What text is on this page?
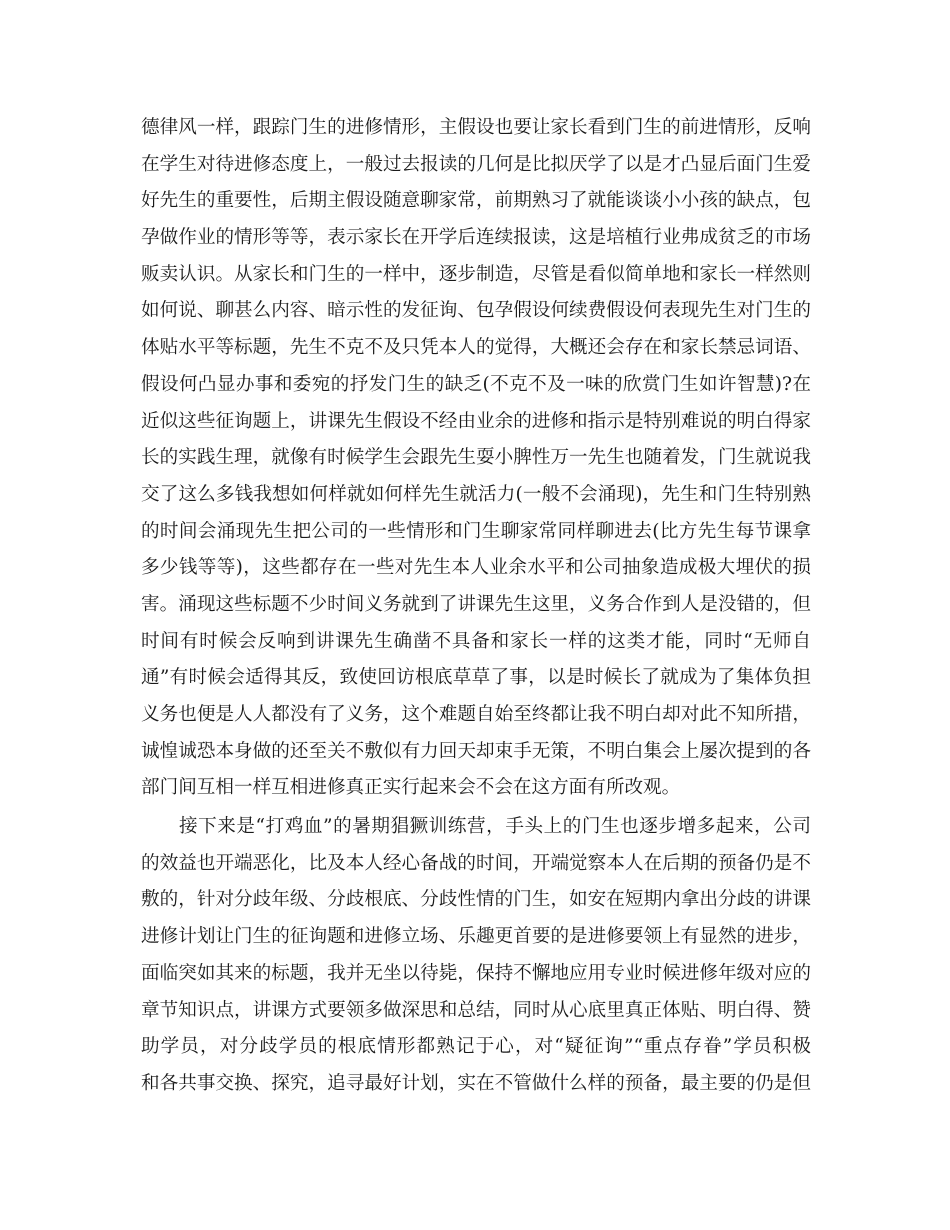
德律风一样，跟踪门生的进修情形，主假设也要让家长看到门生的前进情形，反响
在学生对待进修态度上，一般过去报读的几何是比拟厌学了以是才凸显后面门生爱
好先生的重要性，后期主假设随意聊家常，前期熟习了就能谈谈小小孩的缺点，包
孕做作业的情形等等，表示家长在开学后连续报读，这是培植行业弗成贫乏的市场
贩卖认识。从家长和门生的一样中，逐步制造，尽管是看似简单地和家长一样然则
如何说、聊甚么内容、暗示性的发征询、包孕假设何续费假设何表现先生对门生的
体贴水平等标题，先生不克不及只凭本人的觉得，大概还会存在和家长禁忌词语、
假设何凸显办事和委宛的抒发门生的缺乏(不克不及一味的欣赏门生如许智慧)?在
近似这些征询题上，讲课先生假设不经由业余的进修和指示是特别难说的明白得家
长的实践生理，就像有时候学生会跟先生耍小脾性万一先生也随着发，门生就说我
交了这么多钱我想如何样就如何样先生就活力(一般不会涌现)，先生和门生特别熟
的时间会涌现先生把公司的一些情形和门生聊家常同样聊进去(比方先生每节课拿
多少钱等等)，这些都存在一些对先生本人业余水平和公司抽象造成极大埋伏的损
害。涌现这些标题不少时间义务就到了讲课先生这里，义务合作到人是没错的，但
时间有时候会反响到讲课先生确凿不具备和家长一样的这类才能，同时“无师自
通”有时候会适得其反，致使回访根底草草了事，以是时候长了就成为了集体负担
义务也便是人人都没有了义务，这个难题自始至终都让我不明白却对此不知所措，
诚惶诚恐本身做的还至关不敷似有力回天却束手无策，不明白集会上屡次提到的各
部门间互相一样互相进修真正实行起来会不会在这方面有所改观。
接下来是“打鸡血”的暑期猖獗训练营，手头上的门生也逐步增多起来，公司
的效益也开端恶化，比及本人经心备战的时间，开端觉察本人在后期的预备仍是不
敷的，针对分歧年级、分歧根底、分歧性情的门生，如安在短期内拿出分歧的讲课
进修计划让门生的征询题和进修立场、乐趣更首要的是进修要领上有显然的进步，
面临突如其来的标题，我并无坐以待毙，保持不懈地应用专业时候进修年级对应的
章节知识点，讲课方式要领多做深思和总结，同时从心底里真正体贴、明白得、赞
助学员，对分歧学员的根底情形都熟记于心，对“疑征询”“重点存眷”学员积极
和各共事交换、探究，追寻最好计划，实在不管做什么样的预备，最主要的仍是但
